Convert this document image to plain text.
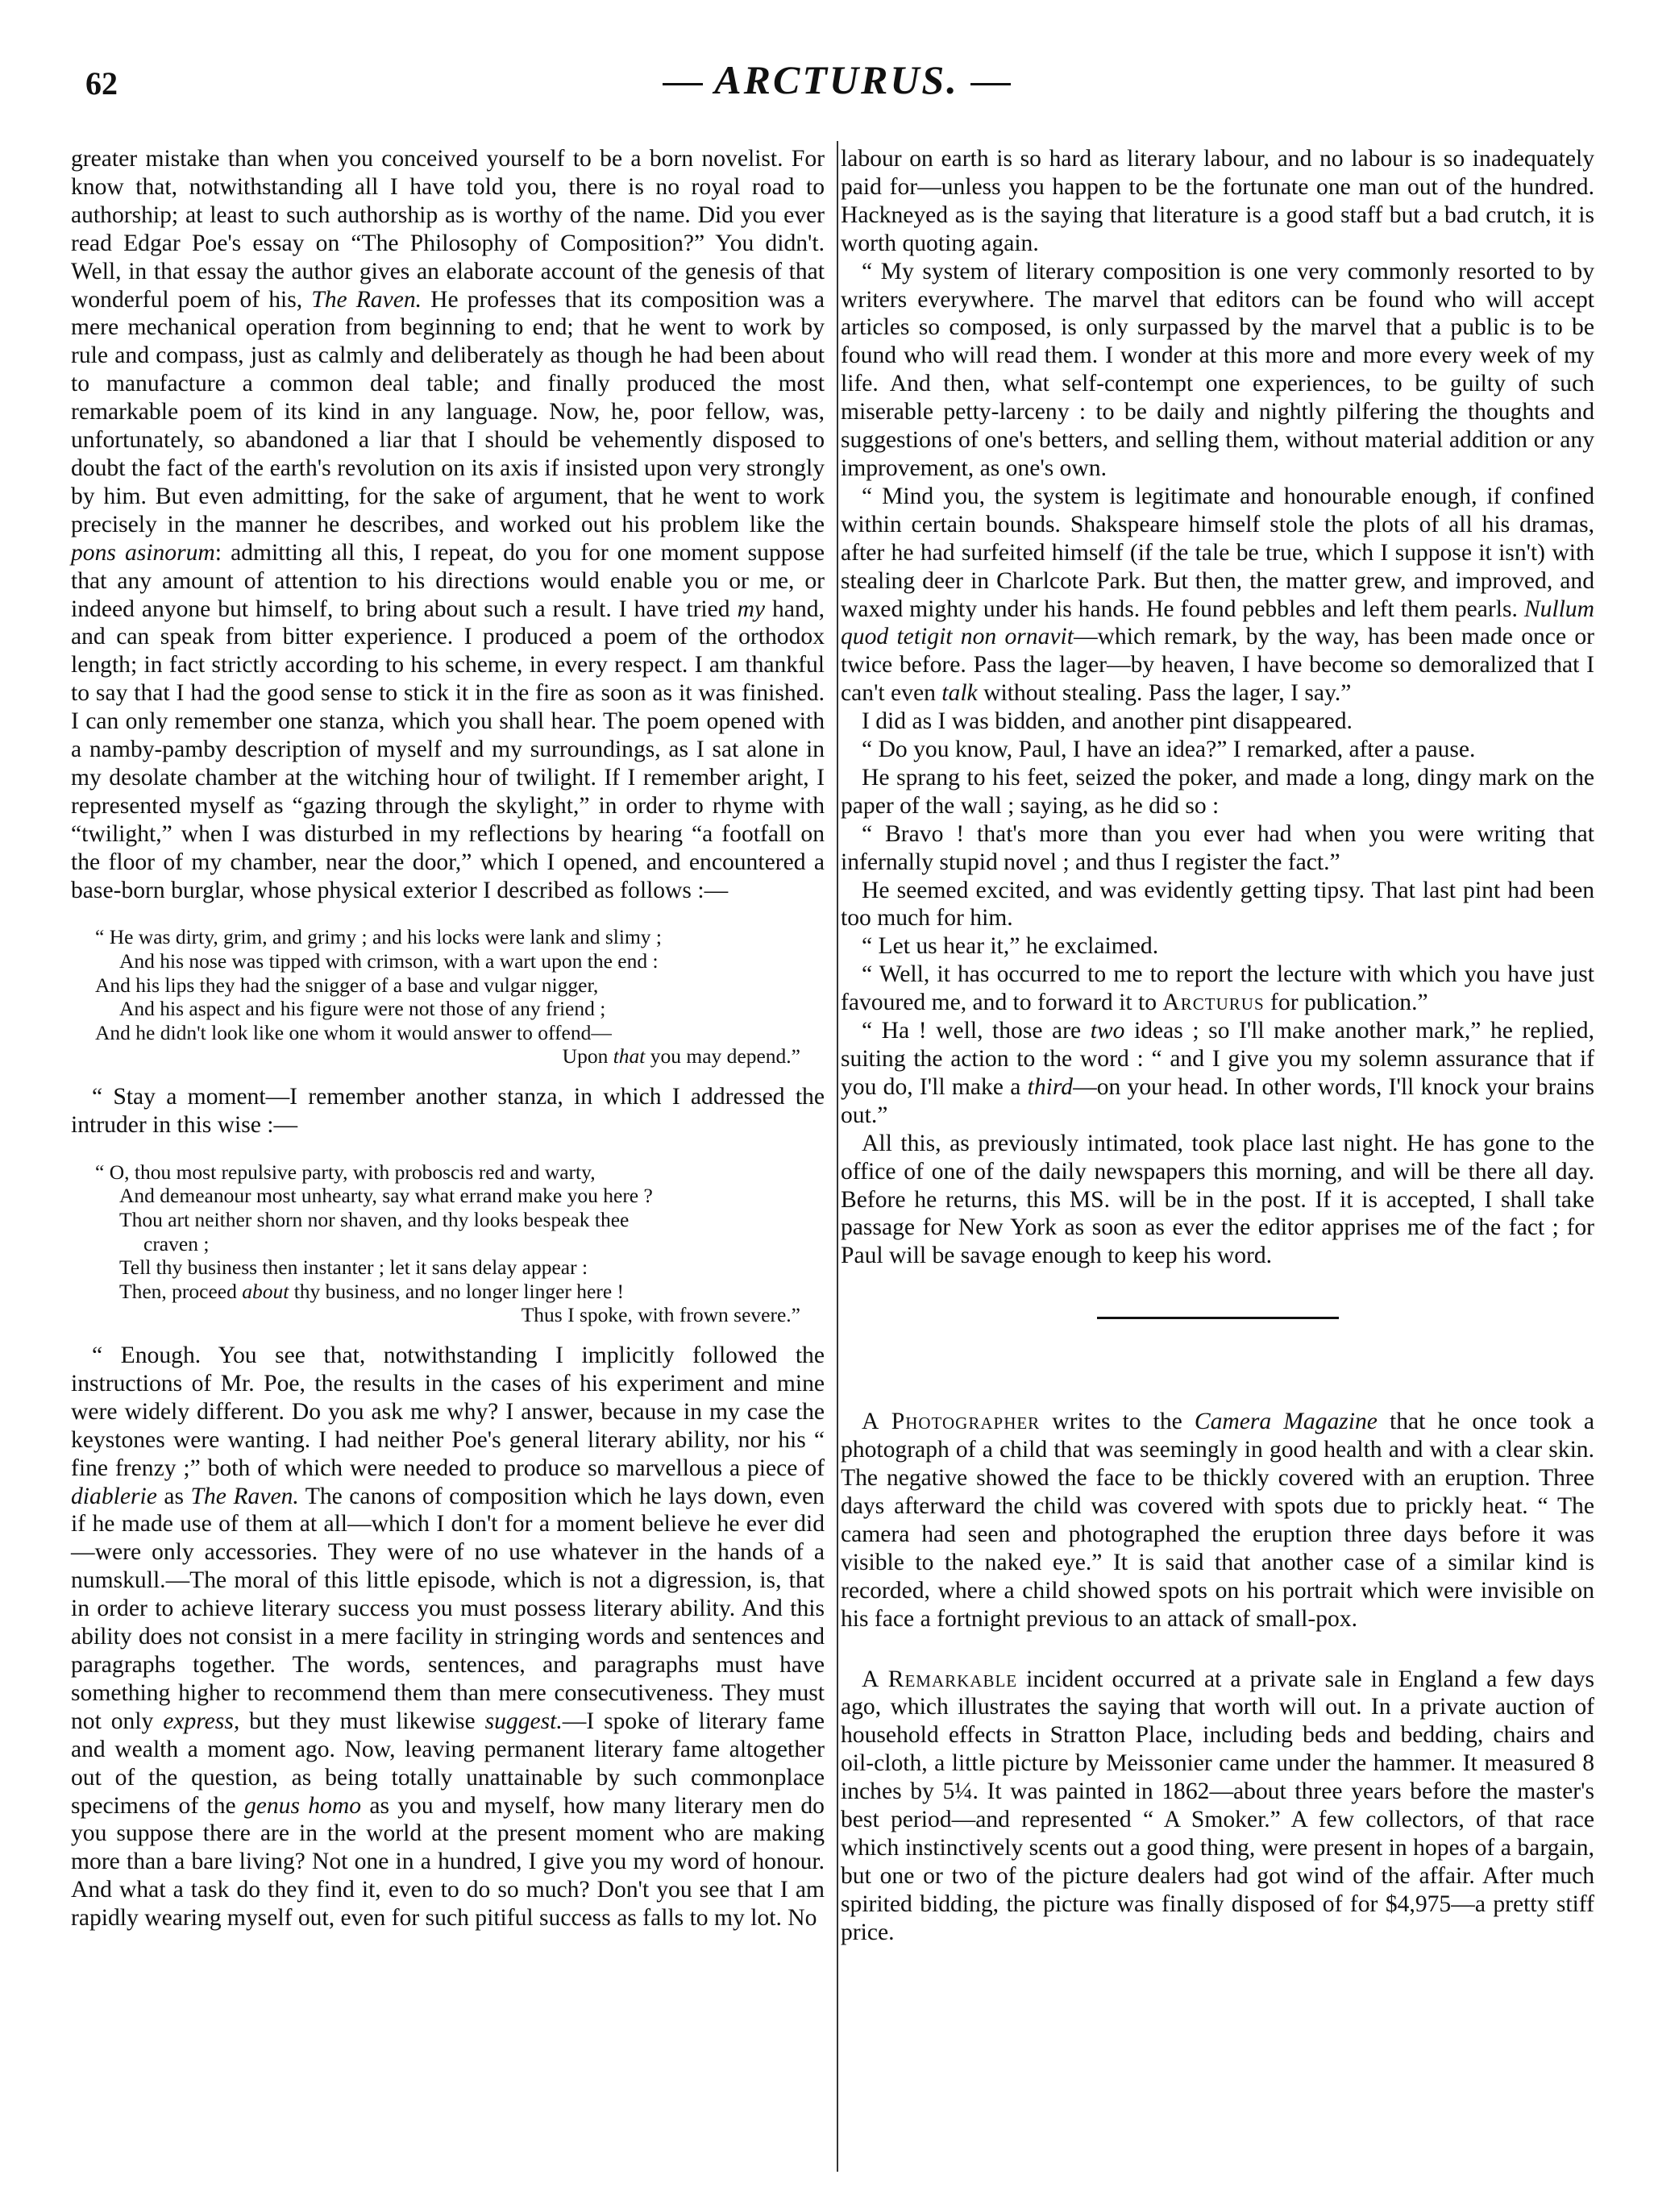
62	ARCTURUS.

greater mistake than when you conceived yourself to be a born novelist. For know that, notwithstanding all I have told you, there is no royal road to authorship; at least to such authorship as is worthy of the name. Did you ever read Edgar Poe's essay on “The Philosophy of Composition?” You didn't. Well, in that essay the author gives an elaborate account of the genesis of that wonderful poem of his, The Raven. He professes that its composition was a mere mechanical operation from beginning to end; that he went to work by rule and compass, just as calmly and deliberately as though he had been about to manufacture a common deal table; and finally produced the most remarkable poem of its kind in any language. Now, he, poor fellow, was, unfortunately, so abandoned a liar that I should be vehemently disposed to doubt the fact of the earth's revolution on its axis if insisted upon very strongly by him. But even admitting, for the sake of argument, that he went to work precisely in the manner he describes, and worked out his problem like the pons asinorum: admitting all this, I repeat, do you for one moment suppose that any amount of attention to his directions would enable you or me, or indeed anyone but himself, to bring about such a result. I have tried my hand, and can speak from bitter experience. I produced a poem of the orthodox length; in fact strictly according to his scheme, in every respect. I am thankful to say that I had the good sense to stick it in the fire as soon as it was finished. I can only remember one stanza, which you shall hear. The poem opened with a namby-pamby description of myself and my surroundings, as I sat alone in my desolate chamber at the witching hour of twilight. If I remember aright, I represented myself as “gazing through the skylight,” in order to rhyme with “twilight,” when I was disturbed in my reflections by hearing “a footfall on the floor of my chamber, near the door,” which I opened, and encountered a base-born burglar, whose physical exterior I described as follows :—

“ He was dirty, grim, and grimy ; and his locks were lank and slimy ;
And his nose was tipped with crimson, with a wart upon the end :
And his lips they had the snigger of a base and vulgar nigger,
And his aspect and his figure were not those of any friend ;
And he didn't look like one whom it would answer to offend—
Upon that you may depend.”

“ Stay a moment—I remember another stanza, in which I addressed the intruder in this wise :—

“ O, thou most repulsive party, with proboscis red and warty,
And demeanour most unhearty, say what errand make you here ?
Thou art neither shorn nor shaven, and thy looks bespeak thee
craven ;
Tell thy business then instanter ; let it sans delay appear :
Then, proceed about thy business, and no longer linger here !
Thus I spoke, with frown severe.”

“ Enough. You see that, notwithstanding I implicitly followed the instructions of Mr. Poe, the results in the cases of his experiment and mine were widely different. Do you ask me why? I answer, because in my case the keystones were wanting. I had neither Poe's general literary ability, nor his “ fine frenzy ;” both of which were needed to produce so marvellous a piece of diablerie as The Raven. The canons of composition which he lays down, even if he made use of them at all—which I don't for a moment believe he ever did—were only accessories. They were of no use whatever in the hands of a numskull.—The moral of this little episode, which is not a digression, is, that in order to achieve literary success you must possess literary ability. And this ability does not consist in a mere facility in stringing words and sentences and paragraphs together. The words, sentences, and paragraphs must have something higher to recommend them than mere consecutiveness. They must not only express, but they must likewise suggest.—I spoke of literary fame and wealth a moment ago. Now, leaving permanent literary fame altogether out of the question, as being totally unattainable by such commonplace specimens of the genus homo as you and myself, how many literary men do you suppose there are in the world at the present moment who are making more than a bare living? Not one in a hundred, I give you my word of honour. And what a task do they find it, even to do so much? Don't you see that I am rapidly wearing myself out, even for such pitiful success as falls to my lot. No

labour on earth is so hard as literary labour, and no labour is so inadequately paid for—unless you happen to be the fortunate one man out of the hundred. Hackneyed as is the saying that literature is a good staff but a bad crutch, it is worth quoting again.

“ My system of literary composition is one very commonly resorted to by writers everywhere. The marvel that editors can be found who will accept articles so composed, is only surpassed by the marvel that a public is to be found who will read them. I wonder at this more and more every week of my life. And then, what self-contempt one experiences, to be guilty of such miserable petty-larceny : to be daily and nightly pilfering the thoughts and suggestions of one's betters, and selling them, without material addition or any improvement, as one's own.

“ Mind you, the system is legitimate and honourable enough, if confined within certain bounds. Shakspeare himself stole the plots of all his dramas, after he had surfeited himself (if the tale be true, which I suppose it isn't) with stealing deer in Charlcote Park. But then, the matter grew, and improved, and waxed mighty under his hands. He found pebbles and left them pearls. Nullum quod tetigit non ornavit—which remark, by the way, has been made once or twice before. Pass the lager—by heaven, I have become so demoralized that I can't even talk without stealing. Pass the lager, I say.”

I did as I was bidden, and another pint disappeared.

“ Do you know, Paul, I have an idea?” I remarked, after a pause.

He sprang to his feet, seized the poker, and made a long, dingy mark on the paper of the wall ; saying, as he did so :

“ Bravo ! that's more than you ever had when you were writing that infernally stupid novel ; and thus I register the fact.”

He seemed excited, and was evidently getting tipsy. That last pint had been too much for him.

“ Let us hear it,” he exclaimed.

“ Well, it has occurred to me to report the lecture with which you have just favoured me, and to forward it to Arcturus for publication.”

“ Ha ! well, those are two ideas ; so I'll make another mark,” he replied, suiting the action to the word : “ and I give you my solemn assurance that if you do, I'll make a third—on your head. In other words, I'll knock your brains out.”

All this, as previously intimated, took place last night. He has gone to the office of one of the daily newspapers this morning, and will be there all day. Before he returns, this MS. will be in the post. If it is accepted, I shall take passage for New York as soon as ever the editor apprises me of the fact ; for Paul will be savage enough to keep his word.

A Photographer writes to the Camera Magazine that he once took a photograph of a child that was seemingly in good health and with a clear skin. The negative showed the face to be thickly covered with an eruption. Three days afterward the child was covered with spots due to prickly heat. “ The camera had seen and photographed the eruption three days before it was visible to the naked eye.” It is said that another case of a similar kind is recorded, where a child showed spots on his portrait which were invisible on his face a fortnight previous to an attack of small-pox.

A Remarkable incident occurred at a private sale in England a few days ago, which illustrates the saying that worth will out. In a private auction of household effects in Stratton Place, including beds and bedding, chairs and oil-cloth, a little picture by Meissonier came under the hammer. It measured 8 inches by 5¼. It was painted in 1862—about three years before the master's best period—and represented “ A Smoker.” A few collectors, of that race which instinctively scents out a good thing, were present in hopes of a bargain, but one or two of the picture dealers had got wind of the affair. After much spirited bidding, the picture was finally disposed of for $4,975—a pretty stiff price.
